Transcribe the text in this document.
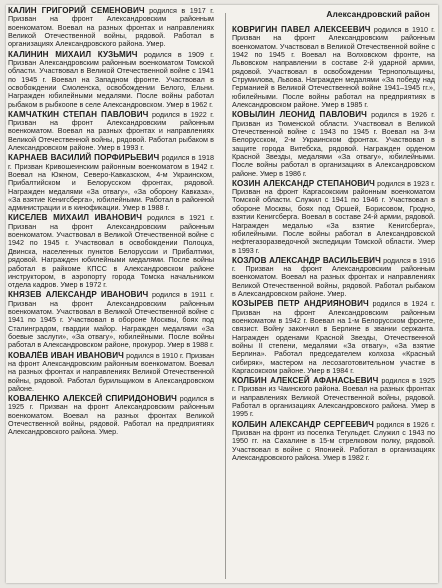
Александровский район

КАЛИН ГРИГОРИЙ СЕМЕНОВИЧ родился в 1917 г. Призван на фронт Александровским районным военкоматом. Воевал на разных фронтах и направлениях Великой Отечественной войны, рядовой. Работал в организациях Александровского района. Умер.

КАЛИНИН МИХАИЛ КУЗЬМИЧ родился в 1909 г. Призван Александровским районным военкоматом Томской области. Участвовал в Великой Отечественной войне с 1941 по 1945 г. Воевал на Западном фронте. Участвовал в освобождении Смоленска, освобождении Белого, Ельни. Награжден юбилейными медалями. После войны работал рыбаком в рыбкоопе в селе Александровском. Умер в 1962 г.

КАМЧАТКИН СТЕПАН ПАВЛОВИЧ родился в 1922 г. Призван на фронт Александровским районным военкоматом. Воевал на разных фронтах и направлениях Великой Отечественной войны, рядовой. Работал рыбаком в Александровском районе. Умер в 1993 г.

КАРНАЕВ ВАСИЛИЙ ПОРФИРЬЕВИЧ родился в 1918 г. Призван Кривошеинским районным военкоматом в 1942 г. Воевал на Южном, Северо-Кавказском, 4-м Украинском, Прибалтийском и Белорусском фронтах, рядовой. Награжден медалями «За отвагу», «За оборону Кавказа», «За взятие Кенигсберга», юбилейными. Работал в районной администрации и в кинофикации. Умер в 1988 г.

КИСЕЛЕВ МИХАИЛ ИВАНОВИЧ родился в 1921 г. Призван на фронт Александровским районным военкоматом. Участвовал в Великой Отечественной войне с 1942 по 1945 г. Участвовал в освобождении Полоцка, Двинска, населенных пунктов Белоруссии и Прибалтики, рядовой. Награжден юбилейными медалями. После войны работал в райкоме КПСС в Александровском районе инструктором, в аэропорту города Томска начальником отдела кадров. Умер в 1972 г.

КНЯЗЕВ АЛЕКСАНДР ИВАНОВИЧ родился в 1911 г. Призван на фронт Александровским районным военкоматом. Участвовал в Великой Отечественной войне с 1941 по 1945 г. Участвовал в обороне Москвы, боях под Сталинградом, гвардии майор. Награжден медалями «За боевые заслуги», «За отвагу», юбилейными. После войны работал в Александровском районе, прокурор. Умер в 1988 г.

КОВАЛЁВ ИВАН ИВАНОВИЧ родился в 1910 г. Призван на фронт Александровским районным военкоматом. Воевал на разных фронтах и направлениях Великой Отечественной войны, рядовой. Работал бурильщиком в Александровском районе.

КОВАЛЕНКО АЛЕКСЕЙ СПИРИДОНОВИЧ родился в 1925 г. Призван на фронт Александровским районным военкоматом. Воевал на разных фронтах Великой Отечественной войны, рядовой. Работал на предприятиях Александровского района. Умер.

КОВРИГИН ПАВЕЛ АЛЕКСЕЕВИЧ родился в 1910 г. Призван на фронт Александровским районным военкоматом. Участвовал в Великой Отечественной войне с 1942 по 1945 г. Воевал на Волховском фронте, на Львовском направлении в составе 2-й ударной армии, рядовой. Участвовал в освобождении Тернопольщины, Струмилова, Львова. Награжден медалями «За победу над Германией в Великой Отечественной войне 1941–1945 гг.», юбилейными. После войны работал на предприятиях в Александровском районе. Умер в 1985 г.

КОВЫЛИН ЛЕОНИД ПАВЛОВИЧ родился в 1926 г. Призван из Тюменской области. Участвовал в Великой Отечественной войне с 1943 по 1945 г. Воевал на 3-м Белорусском, 2-м Украинском фронтах. Участвовал в защите города Витебска, рядовой. Награжден орденом Красной Звезды, медалями «За отвагу», юбилейными. После войны работал в организациях в Александровском районе. Умер в 1986 г.

КОЗИН АЛЕКСАНДР СТЕПАНОВИЧ родился в 1923 г. Призван на фронт Каргасокским районным военкоматом Томской области. Служил с 1941 по 1946 г. Участвовал в обороне Москвы, боях под Оршей, Борисовом, Гродно, взятии Кенигсберга. Воевал в составе 24-й армии, рядовой. Награжден медалью «За взятие Кенигсберга», юбилейными. После войны работал в Александровской нефтегазоразведочной экспедиции Томской области. Умер в 1993 г.

КОЗЛОВ АЛЕКСАНДР ВАСИЛЬЕВИЧ родился в 1916 г. Призван на фронт Александровским районным военкоматом. Воевал на разных фронтах и направлениях Великой Отечественной войны, рядовой. Работал рыбаком в Александровском районе. Умер.

КОЗЫРЕВ ПЕТР АНДРИЯНОВИЧ родился в 1924 г. Призван на фронт Александровским районным военкоматом в 1942 г. Воевал на 1-м Белорусском фронте, связист. Войну закончил в Берлине в звании сержанта. Награжден орденами Красной Звезды, Отечественной войны II степени, медалями «За отвагу», «За взятие Берлина». Работал председателем колхоза «Красный сибиряк», мастером на лесозаготовительном участке в Каргасокском районе. Умер в 1984 г.

КОЛБИН АЛЕКСЕЙ АФАНАСЬЕВИЧ родился в 1925 г. Призван из Чаинского района. Воевал на разных фронтах и направлениях Великой Отечественной войны, рядовой. Работал в организациях Александровского района. Умер в 1995 г.

КОЛБИН АЛЕКСАНДР СЕРГЕЕВИЧ родился в 1926 г. Призван на фронт из поселка Тегульдет. Служил с 1943 по 1950 гг. на Сахалине в 15-м стрелковом полку, рядовой. Участвовал в войне с Японией. Работал в организациях Александровского района. Умер в 1982 г.
